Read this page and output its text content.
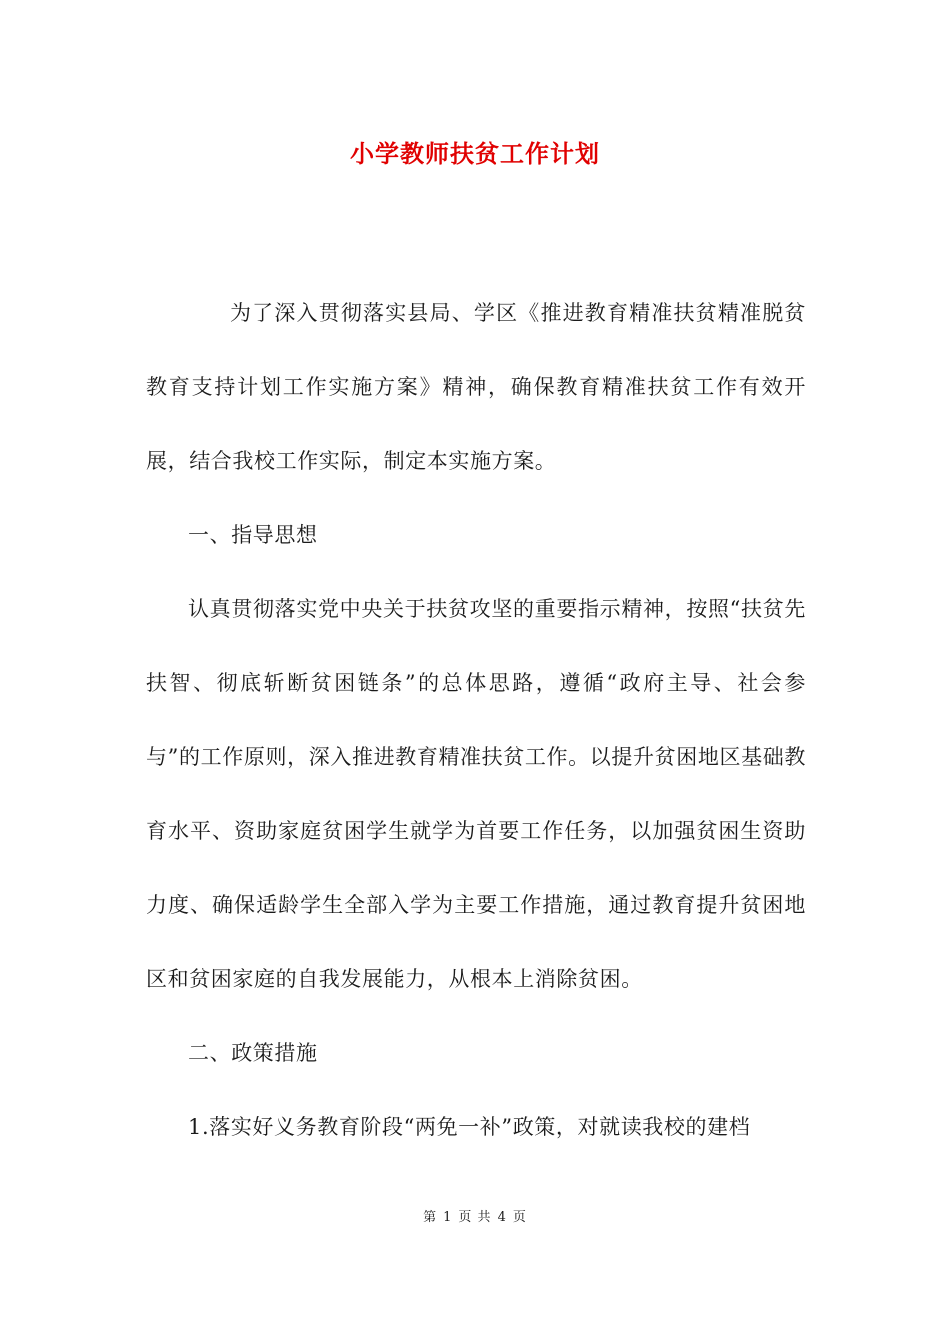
小学教师扶贫工作计划

为了深入贯彻落实县局、学区《推进教育精准扶贫精准脱贫教育支持计划工作实施方案》精神，确保教育精准扶贫工作有效开展，结合我校工作实际，制定本实施方案。

一、指导思想

认真贯彻落实党中央关于扶贫攻坚的重要指示精神，按照“扶贫先扶智、彻底斩断贫困链条”的总体思路，遵循“政府主导、社会参与”的工作原则，深入推进教育精准扶贫工作。以提升贫困地区基础教育水平、资助家庭贫困学生就学为首要工作任务，以加强贫困生资助力度、确保适龄学生全部入学为主要工作措施，通过教育提升贫困地区和贫困家庭的自我发展能力，从根本上消除贫困。

二、政策措施

1.落实好义务教育阶段“两免一补”政策，对就读我校的建档

第 1 页 共 4 页
